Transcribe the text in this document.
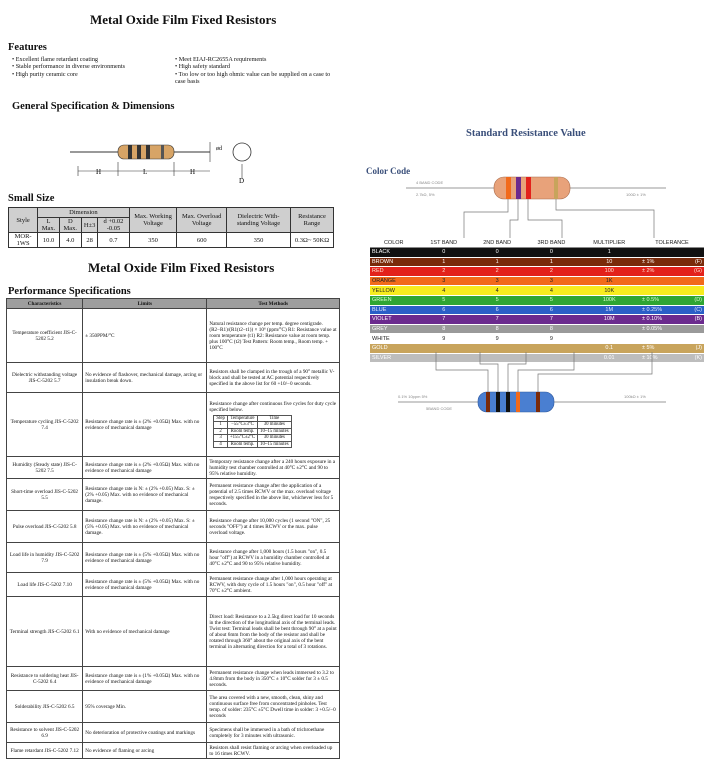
Metal Oxide Film Fixed Resistors
Features
• Excellent flame retardant coating
• Stable performance in diverse environments
• High purity ceramic core
• Meet EIAJ-RC2655A requirements
• High safety standard
• Too low or too high ohmic value can be supplied on a case to case basis
General Specification & Dimensions
H	L	H
D
ød
Small Size
Style	Dimension				Max. Working Voltage	Max. Overload Voltage	Dielectric With-standing Voltage	Resistance Range
	L Max.	D Max.	H±3	d +0.02 -0.05				
MOR-1WS	10.0	4.0	28	0.7	350	600	350	0.3Ω~ 50KΩ
Metal Oxide Film Fixed Resistors
Performance Specifications
Characteristics	Limits	Test Methods
Temperature coefficient JIS-C-5202 5.2	± 350PPM/°C	Natural resistance change per temp. degree centigrade. (R2−R1)/(R1(t2−t1)) × 10⁶ (ppm/°C) R1: Resistance value at room temperature (t1) R2: Resistance value at room temp. plus 100°C (t2) Test Pattern: Room temp., Room temp. + 100°C
Dielectric withstanding voltage JIS-C-5202 5.7	No evidence of flashover, mechanical damage, arcing or insulation break down.	Resistors shall be clamped in the trough of a 90° metallic V-block and shall be tested at AC potential respectively specified in the above list for 60 +10/−0 seconds.
Temperature cycling JIS-C-5202 7.4	Resistance change rate is ± (2% +0.05Ω) Max. with no evidence of mechanical damage	
Resistance change after continuous five cycles for duty cycle specified below.
Step	Temperature	Time
1	−55°C±3°C	30 minutes
2	Room temp.	10~15 minutes
3	+155°C±2°C	30 minutes
4	Room temp.	10~15 minutes

Humidity (Steady state) JIS-C-5202 7.5	Resistance change rate is ± (2% +0.05Ω) Max. with no evidence of mechanical damage	Temporary resistance change after a 240 hours exposure in a humidity test chamber controlled at 40°C ±2°C and 90 to 95% relative humidity.
Short-time overload JIS-C-5202 5.5	Resistance change rate is N: ± (2% +0.05) Max. S: ± (2% +0.05) Max. with no evidence of mechanical damage.	Permanent resistance change after the application of a potential of 2.5 times RCWV or the max. overload voltage respectively specified in the above list, whichever less for 5 seconds.
Pulse overload JIS-C-5202 5.8	Resistance change rate is N: ± (2% +0.05) Max. S: ± (5% +0.05) Max. with no evidence of mechanical damage.	Resistance change after 10,000 cycles (1 second "ON", 25 seconds "OFF") at 4 times RCWV or the max. pulse overload voltage.
Load life in humidity JIS-C-5202 7.9	Resistance change rate is ± (5% +0.05Ω) Max. with no evidence of mechanical damage	Resistance change after 1,000 hours (1.5 hours "on", 0.5 hour "off") at RCWV in a humidity chamber controlled at 40°C ±2°C and 90 to 95% relative humidity.
Load life JIS-C-5202 7.10	Resistance change rate is ± (5% +0.05Ω) Max. with no evidence of mechanical damage	Permanent resistance change after 1,000 hours operating at RCWV, with duty cycle of 1.5 hours "on", 0.5 hour "off" at 70°C ±2°C ambient.
Terminal strength JIS-C-5202 6.1	With no evidence of mechanical damage	Direct load: Resistance to a 2.5kg direct load for 10 seconds in the direction of the longitudinal axis of the terminal leads. Twist test: Terminal leads shall be bent through 90° at a point of about 6mm from the body of the resistor and shall be rotated through 360° about the original axis of the bent terminal in alternating direction for a total of 3 rotations.
Resistance to soldering heat JIS-C-5202 6.4	Resistance change rate is ± (1% +0.05Ω) Max. with no evidence of mechanical damage	Permanent resistance change when leads immersed to 3.2 to 4.8mm from the body in 350°C ± 10°C solder for 3 ± 0.5 seconds.
Solderability JIS-C-5202 6.5	95% coverage Min.	The area covered with a new, smooth, clean, shiny and continuous surface free from concentrated pinholes. Test temp. of solder: 235°C ±5°C Dwell time in solder: 3 +0.5/−0 seconds
Resistance to solvent JIS-C-5202 6.9	No deterioration of protective coatings and markings	Specimens shall be immersed in a bath of trichroethane completely for 3 minutes with ultrasonic.
Flame retardant JIS-C-5202 7.12	No evidence of flaming or arcing	Resistors shall resist flaming or arcing when overloaded up to 16 times RCWV.
Standard Resistance Value
Color Code
4 BAND CODE
2.7kΩ, 5%	100Ω ± 1%
COLOR	1ST BAND	2ND BAND	3RD BAND	MULTIPLIER	TOLERANCE	
BLACK	0	0	0	1		
BROWN	1	1	1	10	± 1%	(F)
RED	2	2	2	100	± 2%	(G)
ORANGE	3	3	3	1K		
YELLOW	4	4	4	10K		
GREEN	5	5	5	100K	± 0.5%	(D)
BLUE	6	6	6	1M	± 0.25%	(C)
VIOLET	7	7	7	10M	± 0.10%	(B)
GREY	8	8	8		± 0.05%	
WHITE	9	9	9			
GOLD				0.1	± 5%	(J)
SILVER				0.01	± 10%	(K)
0.1% 10ppm 5%
5BAND CODE
100kΩ ± 1%
